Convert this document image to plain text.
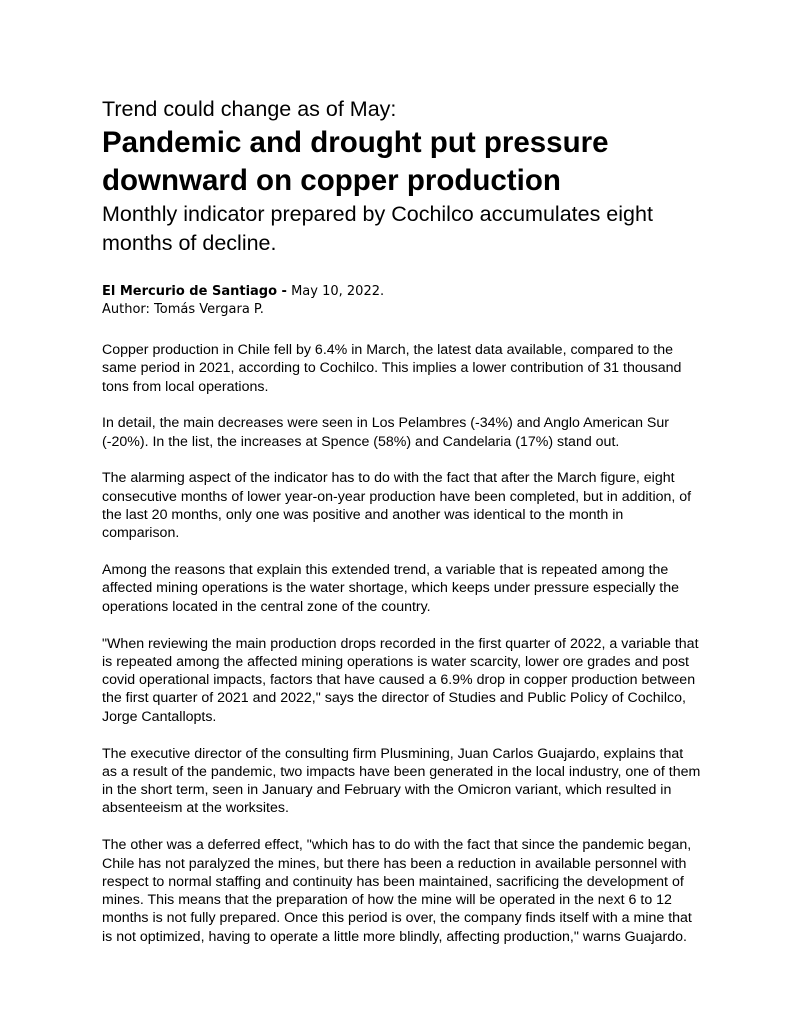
Trend could change as of May:
Pandemic and drought put pressure downward on copper production
Monthly indicator prepared by Cochilco accumulates eight months of decline.
El Mercurio de Santiago - May 10, 2022.
Author: Tomás Vergara P.

Copper production in Chile fell by 6.4% in March, the latest data available, compared to the same period in 2021, according to Cochilco. This implies a lower contribution of 31 thousand tons from local operations.

In detail, the main decreases were seen in Los Pelambres (-34%) and Anglo American Sur (-20%). In the list, the increases at Spence (58%) and Candelaria (17%) stand out.

The alarming aspect of the indicator has to do with the fact that after the March figure, eight consecutive months of lower year-on-year production have been completed, but in addition, of the last 20 months, only one was positive and another was identical to the month in comparison.

Among the reasons that explain this extended trend, a variable that is repeated among the affected mining operations is the water shortage, which keeps under pressure especially the operations located in the central zone of the country.

"When reviewing the main production drops recorded in the first quarter of 2022, a variable that is repeated among the affected mining operations is water scarcity, lower ore grades and post covid operational impacts, factors that have caused a 6.9% drop in copper production between the first quarter of 2021 and 2022," says the director of Studies and Public Policy of Cochilco, Jorge Cantallopts.

The executive director of the consulting firm Plusmining, Juan Carlos Guajardo, explains that as a result of the pandemic, two impacts have been generated in the local industry, one of them in the short term, seen in January and February with the Omicron variant, which resulted in absenteeism at the worksites.

The other was a deferred effect, "which has to do with the fact that since the pandemic began, Chile has not paralyzed the mines, but there has been a reduction in available personnel with respect to normal staffing and continuity has been maintained, sacrificing the development of mines. This means that the preparation of how the mine will be operated in the next 6 to 12 months is not fully prepared. Once this period is over, the company finds itself with a mine that is not optimized, having to operate a little more blindly, affecting production," warns Guajardo.
